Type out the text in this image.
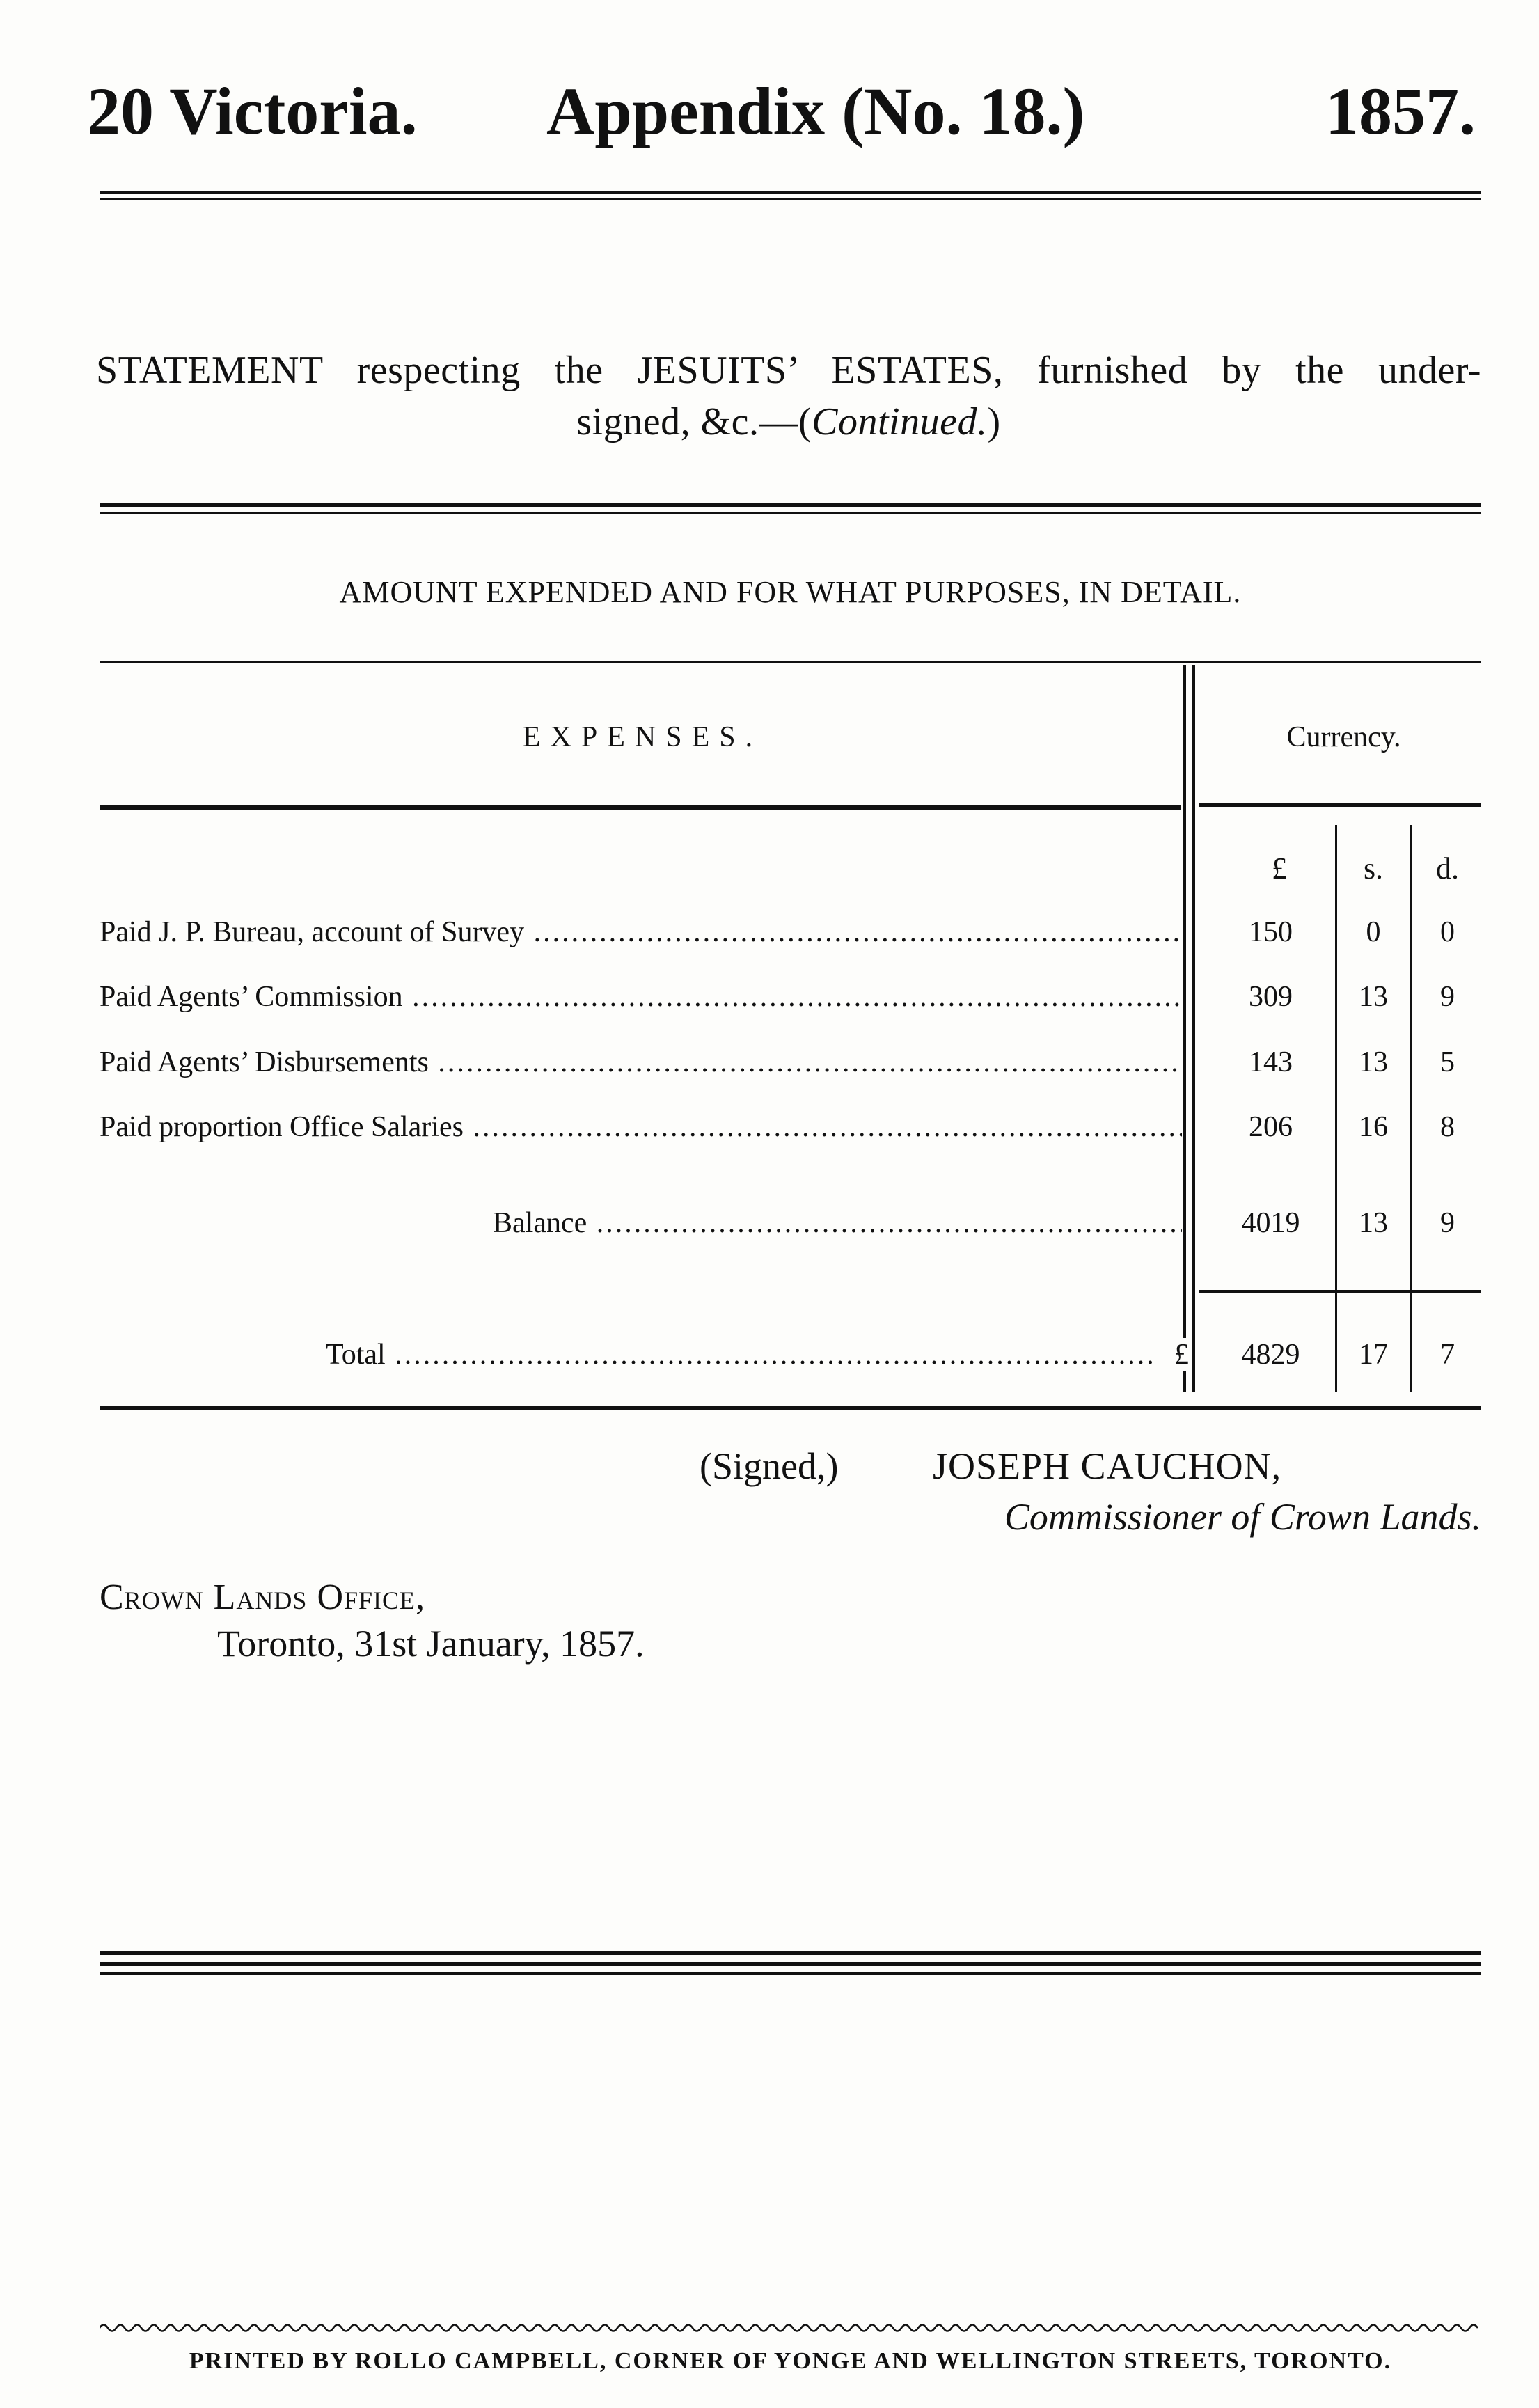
20 Victoria. Appendix (No. 18.)	1857.
STATEMENT respecting the JESUITS’ ESTATES, furnished by the under-
signed, &c.—(Continued.)
AMOUNT EXPENDED AND FOR WHAT PURPOSES, IN DETAIL.
EXPENSES.	Currency.
£	s.	d.
Paid J. P. Bureau, account of Survey .....	150	0	0
Paid Agents’ Commission .....	309	13	9
Paid Agents’ Disbursements .....	143	13	5
Paid proportion Office Salaries .....	206	16	8
Balance .....	4019	13	9
Total .....	£	4829	17	7
(Signed,)	JOSEPH CAUCHON,
Commissioner of Crown Lands.
Crown Lands Office,
Toronto, 31st January, 1857.
PRINTED BY ROLLO CAMPBELL, CORNER OF YONGE AND WELLINGTON STREETS, TORONTO.
